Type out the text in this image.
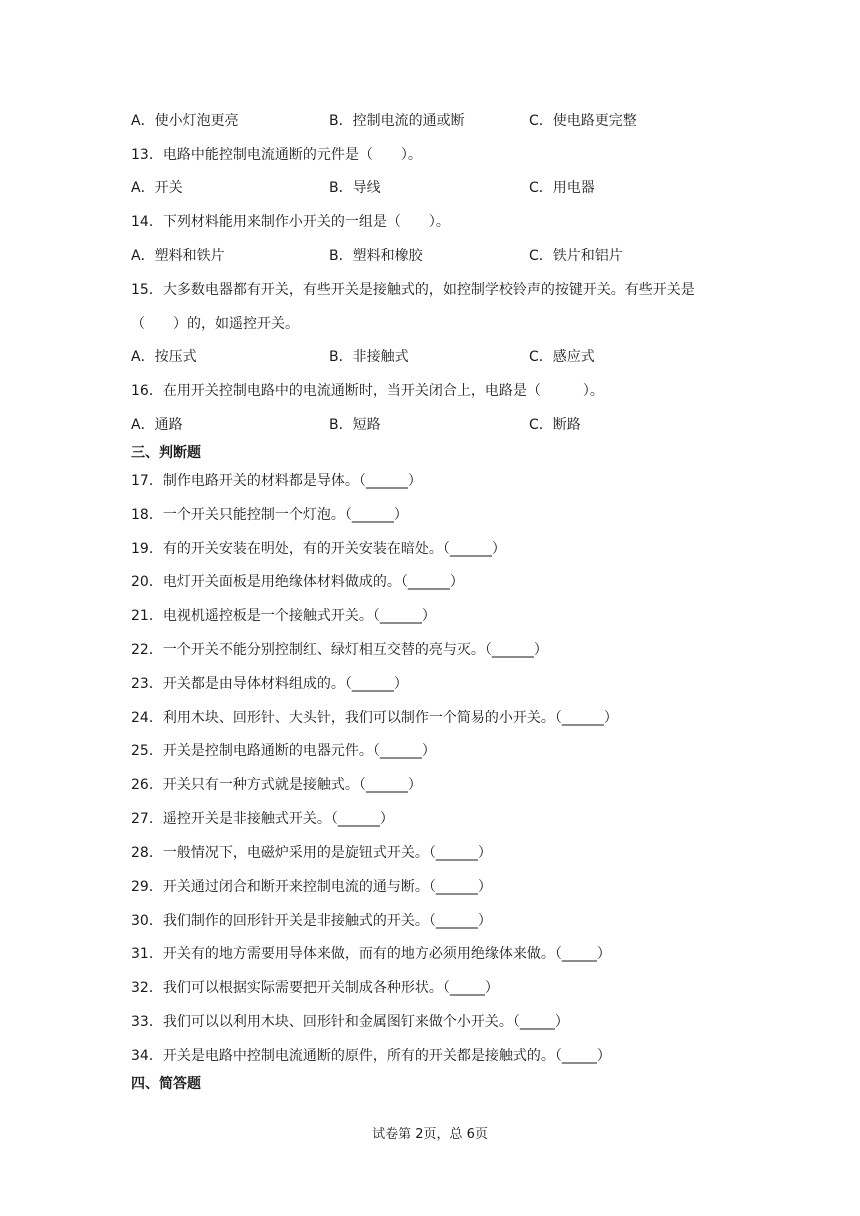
A．使小灯泡更亮	B．控制电流的通或断	C．使电路更完整
13．电路中能控制电流通断的元件是（　　）。
A．开关	B．导线	C．用电器
14．下列材料能用来制作小开关的一组是（　　）。
A．塑料和铁片	B．塑料和橡胶	C．铁片和铝片
15．大多数电器都有开关，有些开关是接触式的，如控制学校铃声的按键开关。有些开关是
（　　）的，如遥控开关。
A．按压式	B．非接触式	C．感应式
16．在用开关控制电路中的电流通断时，当开关闭合上，电路是（　　　）。
A．通路	B．短路	C．断路
三、判断题
17．制作电路开关的材料都是导体。（______）
18．一个开关只能控制一个灯泡。（______）
19．有的开关安装在明处，有的开关安装在暗处。（______）
20．电灯开关面板是用绝缘体材料做成的。（______）
21．电视机遥控板是一个接触式开关。（______）
22．一个开关不能分别控制红、绿灯相互交替的亮与灭。（______）
23．开关都是由导体材料组成的。（______）
24．利用木块、回形针、大头针，我们可以制作一个简易的小开关。（______）
25．开关是控制电路通断的电器元件。（______）
26．开关只有一种方式就是接触式。（______）
27．遥控开关是非接触式开关。（______）
28．一般情况下，电磁炉采用的是旋钮式开关。（______）
29．开关通过闭合和断开来控制电流的通与断。（______）
30．我们制作的回形针开关是非接触式的开关。（______）
31．开关有的地方需要用导体来做，而有的地方必须用绝缘体来做。（_____）
32．我们可以根据实际需要把开关制成各种形状。（_____）
33．我们可以以利用木块、回形针和金属图钉来做个小开关。（_____）
34．开关是电路中控制电流通断的原件，所有的开关都是接触式的。（_____）
四、简答题
试卷第 2页，总 6页
